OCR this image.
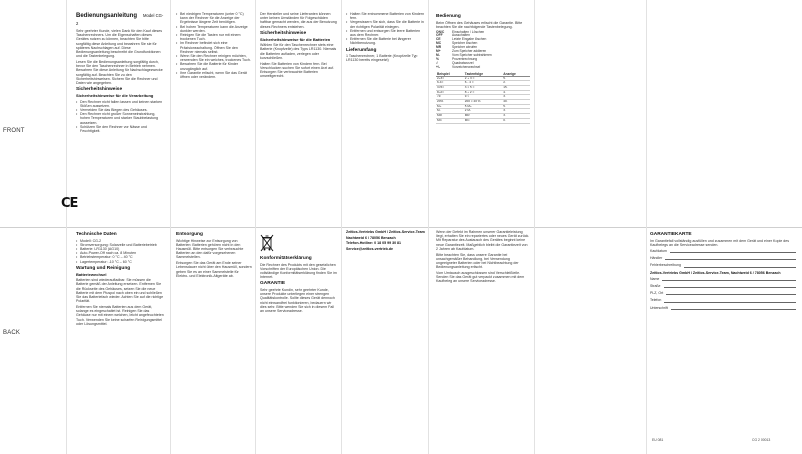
FRONT
BACK
CE
Bedienungsanleitung Model CG-2

Sehr geehrter Kunde, vielen Dank für den Kauf dieses Taschenrechners. Um die Eigenschaften dieses Gerätes nutzen zu können, beachten Sie bitte sorgfältig diese Anleitung und bewahren Sie sie für späteres Nachschlagen auf. Diese Bedienungsanleitung beschreibt die Grundfunktionen und die Tastenbelegung.

Lesen Sie die Bedienungsanleitung sorgfältig durch, bevor Sie den Taschenrechner in Betrieb nehmen. Bewahren Sie diese Anleitung für Nachschlagezwecke sorgfältig auf. Beachten Sie zu den Sicherheitshinweisen. Sichern Sie die Rechner und Daten wie angegeben.

Sicherheitshinweise
Sicherheitshinweise für die Verarbeitung
• Den Rechner nicht fallen lassen und keinen starken Stößen aussetzen.
• Vermeiden Sie das Biegen des Gehäuses.
• Den Rechner nicht großer Sonneneinstrahlung, hohen Temperaturen und starker Staubbelastung aussetzen.
• Schützen Sie den Rechner vor Nässe und Feuchtigkeit.
• Bei niedrigen Temperaturen (unter 0 °C) kann der Rechner für die Anzeige der Ergebnisse längere Zeit benötigen.
• Bei hohen Temperaturen kann die Anzeige dunkler werden.
• Reinigen Sie die Tasten nur mit einem trockenen Tuch.
• Im Rechner befindet sich eine Präzisionsschaltung. Öffnen Sie den Rechner niemals selbst.
• Wenn Sie den Rechner reinigen möchten, verwenden Sie ein weiches, trockenes Tuch.
• Bewahren Sie die Batterie für Kinder unzugänglich auf.
• Ihre Garantie erlischt, wenn Sie das Gerät öffnen oder verändern.

Der Hersteller und seine Lieferanten können unter keinen Umständen für Folgeschäden haftbar gemacht werden, die aus der Benutzung dieses Rechners entstehen.

Sicherheitshinweise
Sicherheitshinweise für die Batterien

Wählen Sie für den Taschenrechner stets eine Batterie (Knopfzelle) des Typs LR1130. Niemals die Batterien aufladen, zerlegen oder kurzschließen.

Halten Sie Batterien von Kindern fern. Bei Verschlucken suchen Sie sofort einen Arzt auf. Entsorgen Sie verbrauchte Batterien umweltgerecht.

• Halten Sie entnommene Batterien von Kindern fern.
• Vergewissern Sie sich, dass Sie die Batterie in der richtigen Polarität einlegen.
• Entfernen und entsorgen Sie leere Batterien aus dem Rechner.
• Entfernen Sie die Batterie bei längerer Nichtbenutzung.
Lieferumfang

1 Taschenrechner, 1 Batterie (Knopfzelle Typ LR1130 bereits eingesetzt)

Bedienung

Beim Öffnen des Gehäuses erlischt die Garantie. Bitte beachten Sie die nachfolgende Tastenbelegung.

ON/C	Einschalten / Löschen
OFF	Ausschalten
CE	Letzte Eingabe löschen
MC	Speicher löschen
MR	Speicher abrufen
M+	Zum Speicher addieren
M-	Vom Speicher subtrahieren
%	Prozentrechnung
√	Quadratwurzel
+/-	Vorzeichenwechsel
Beispiel	Tastenfolge	Anzeige
2+3=	2 + 3 =	5.
6-4=	6 - 4 =	2.
3×5=	3 × 5 =	15.
8÷2=	8 ÷ 2 =	4.
√9	9 √	3.
20%	200 × 20 %	40.
M+	5 M+	5.
M-	2 M-	3.
MR	MR	3.
MC	MC	0.
Technische Daten
• Modell: CG-2
• Stromversorgung: Solarzelle und Batteriebetrieb
• Batterie: LR1130 (AG10)
• Auto-Power-Off nach ca. 8 Minuten
• Betriebstemperatur: 0 °C – 40 °C
• Lagertemperatur: -10 °C – 60 °C
Wartung und Reinigung
Batteriewechsel

Batterien sind wiederaufladbar. Sie müssen die Batterie gemäß der Anleitung ersetzen. Entfernen Sie die Rückseite des Gehäuses, setzen Sie die neue Batterie mit dem Pluspol nach oben ein und schließen Sie das Batteriefach wieder. Achten Sie auf die richtige Polarität.

Entfernen Sie niemals Batterien aus dem Gerät, solange es eingeschaltet ist. Reinigen Sie das Gehäuse nur mit einem weichen, leicht angefeuchteten Tuch. Verwenden Sie keine scharfen Reinigungsmittel oder Lösungsmittel.

Entsorgung

Wichtige Hinweise zur Entsorgung von Batterien: Batterien gehören nicht in den Hausmüll. Bitte entsorgen Sie verbrauchte Batterien an den dafür vorgesehenen Sammelstellen.

Entsorgen Sie das Gerät am Ende seiner Lebensdauer nicht über den Hausmüll, sondern geben Sie es an einer Sammelstelle für Elektro- und Elektronik-Altgeräte ab.

Konformitätserklärung

Die Rechner des Produkts mit den gesetzlichen Vorschriften der Europäischen Union. Die vollständige Konformitätserklärung finden Sie im Internet.

GARANTIE

Sehr geehrte Kundin, sehr geehrter Kunde, unsere Produkte unterliegen einer strengen Qualitätskontrolle. Sollte dieses Gerät dennoch nicht einwandfrei funktionieren, bedauern wir dies sehr. Bitte wenden Sie sich in diesem Fall an unsere Serviceadresse.

Zeitlos-Vertriebs GmbH / Zeitlos-Service-Team

Nachtweid 6 / 78056 Benzach

Telefon-Hotline: 0 18 05 99 30 81

Service@zeitlos-vertrieb.de

Wenn der Defekt im Rahmen unserer Garantieleistung liegt, erhalten Sie ein repariertes oder neues Gerät zurück. Mit Reparatur des Austausch des Gerätes beginnt keine neue Garantiezeit. Maßgeblich bleibt die Garantiezeit von 2 Jahren ab Kaufdatum.

Bitte beachten Sie, dass unsere Garantie bei unsachgemäßer Behandlung, bei Verwendung ungeeigneter Batterien oder bei Nichtbeachtung der Bedienungsanleitung erlischt.

Vom Umtausch ausgeschlossen sind Verschleißteile. Senden Sie das Gerät gut verpackt zusammen mit dem Kaufbeleg an unsere Serviceadresse.

GARANTIEKARTE

Im Garantiefall vollständig ausfüllen und zusammen mit dem Gerät und einer Kopie des Kaufbelegs an die Serviceadresse senden.

Kaufdatum
Händler
Fehlerbeschreibung

Zeitlos-Vertriebs GmbH / Zeitlos-Service-Team, Nachtweid 6 / 78056 Benzach

Name
Straße
PLZ, Ort
Telefon
Unterschrift
EU 081	CG 2 00013
